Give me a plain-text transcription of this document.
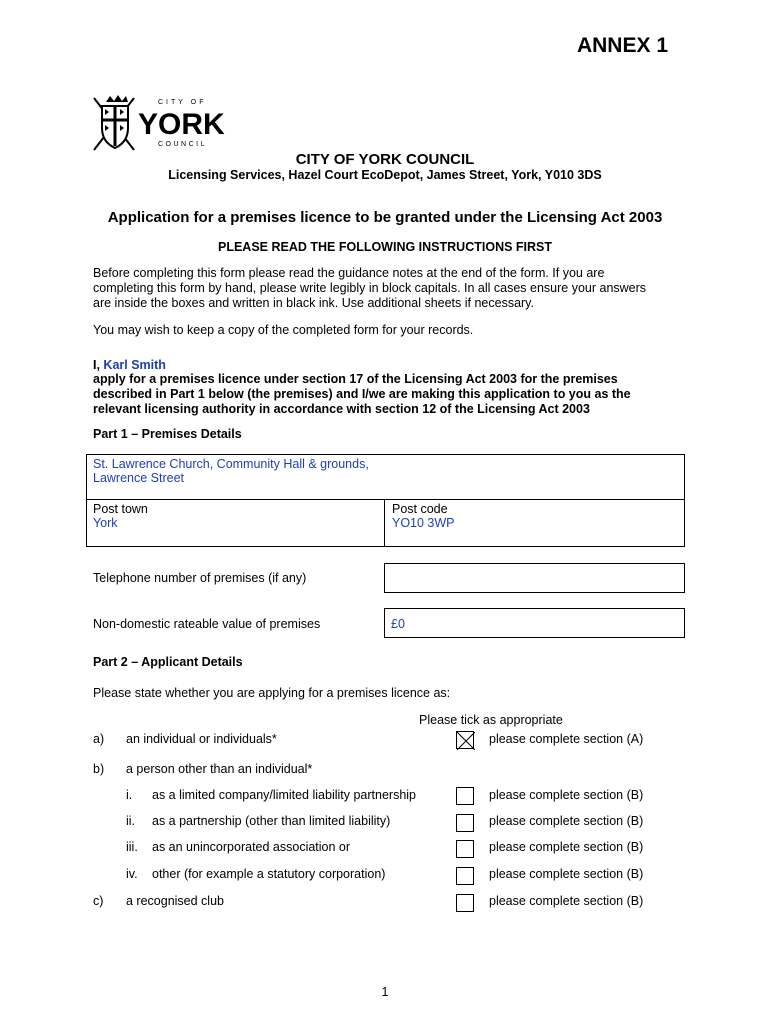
ANNEX 1
CITY OF
YORK
COUNCIL
CITY OF YORK COUNCIL
Licensing Services, Hazel Court EcoDepot, James Street, York, Y010 3DS
Application for a premises licence to be granted under the Licensing Act 2003
PLEASE READ THE FOLLOWING INSTRUCTIONS FIRST
Before completing this form please read the guidance notes at the end of the form. If you are
completing this form by hand, please write legibly in block capitals. In all cases ensure your answers
are inside the boxes and written in black ink. Use additional sheets if necessary.
You may wish to keep a copy of the completed form for your records.
I, Karl Smith
apply for a premises licence under section 17 of the Licensing Act 2003 for the premises
described in Part 1 below (the premises) and I/we are making this application to you as the
relevant licensing authority in accordance with section 12 of the Licensing Act 2003
Part 1 – Premises Details
St. Lawrence Church, Community Hall & grounds,
Lawrence Street
Post town
York
Post code
YO10 3WP
Telephone number of premises (if any)
Non-domestic rateable value of premises	£0
Part 2 – Applicant Details
Please state whether you are applying for a premises licence as:
Please tick as appropriate
a) an individual or individuals*	please complete section (A)
b) a person other than an individual*
i. as a limited company/limited liability partnership	please complete section (B)
ii. as a partnership (other than limited liability)	please complete section (B)
iii. as an unincorporated association or	please complete section (B)
iv. other (for example a statutory corporation)	please complete section (B)
c) a recognised club	please complete section (B)
1
